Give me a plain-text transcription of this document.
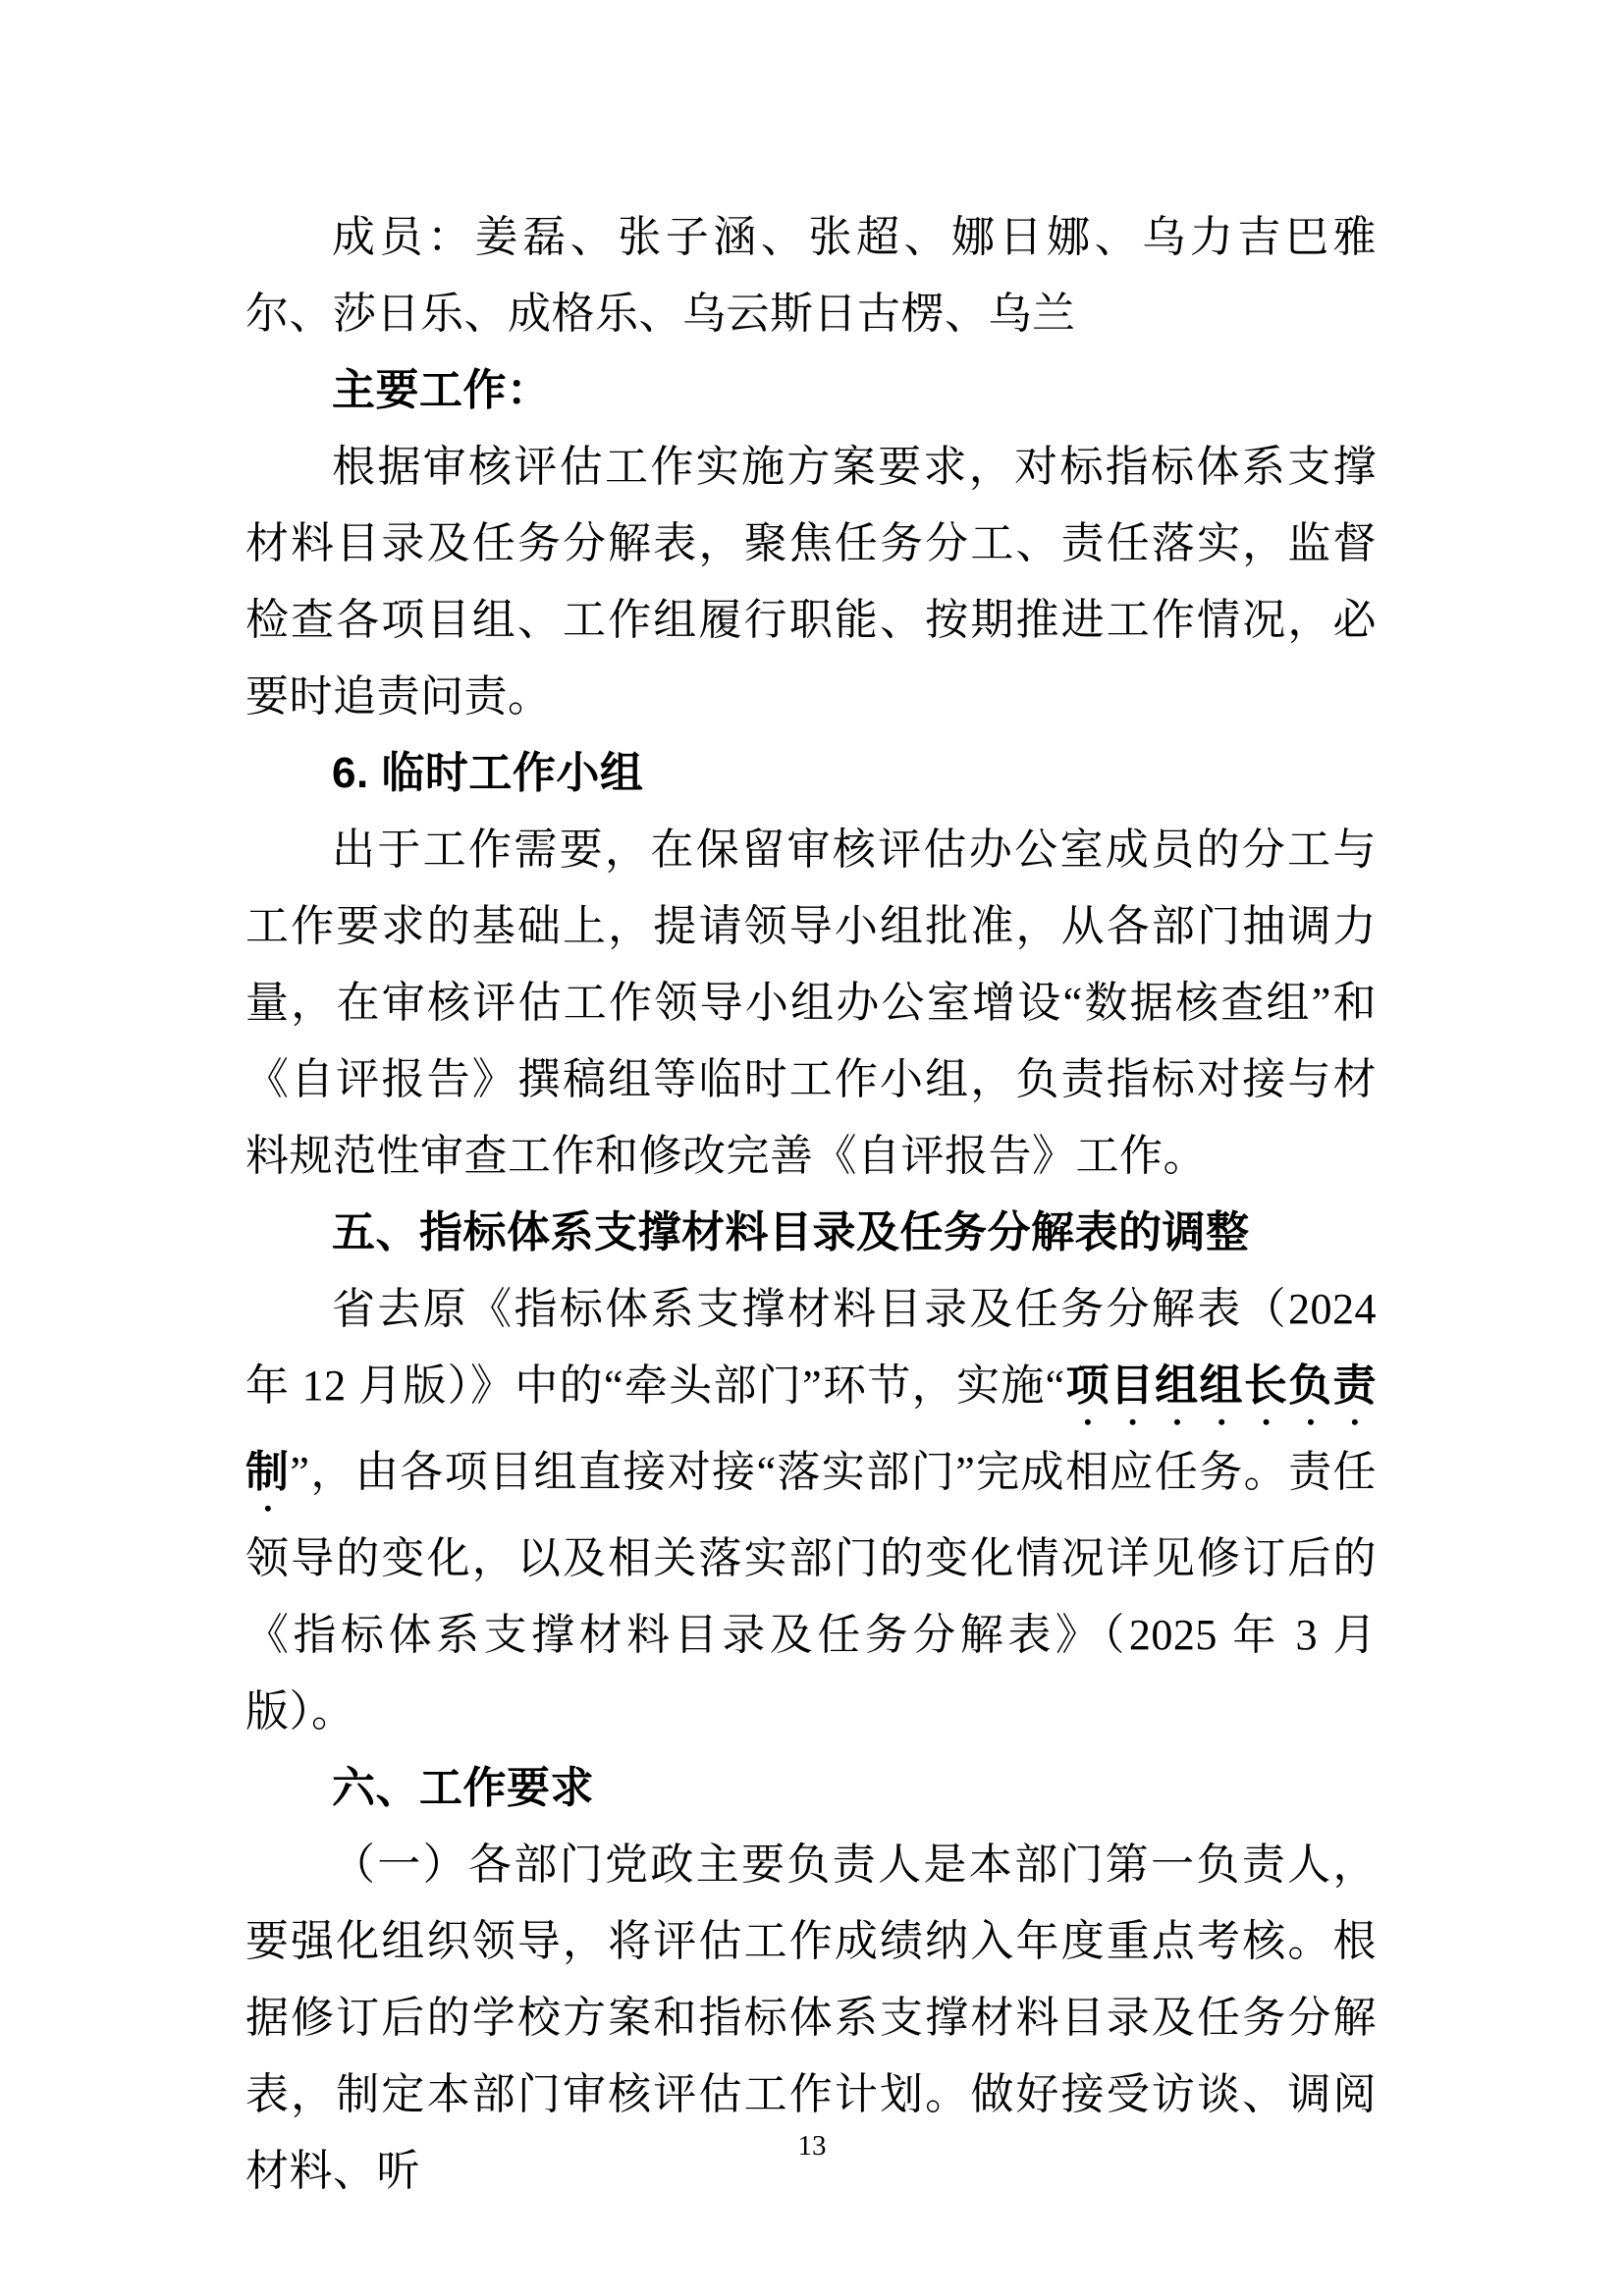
成员：姜磊、张子涵、张超、娜日娜、乌力吉巴雅尔、莎日乐、成格乐、乌云斯日古楞、乌兰

主要工作：

根据审核评估工作实施方案要求，对标指标体系支撑材料目录及任务分解表，聚焦任务分工、责任落实，监督检查各项目组、工作组履行职能、按期推进工作情况，必要时追责问责。

6. 临时工作小组

出于工作需要，在保留审核评估办公室成员的分工与工作要求的基础上，提请领导小组批准，从各部门抽调力量，在审核评估工作领导小组办公室增设“数据核查组”和《自评报告》撰稿组等临时工作小组，负责指标对接与材料规范性审查工作和修改完善《自评报告》工作。

五、指标体系支撑材料目录及任务分解表的调整

省去原《指标体系支撑材料目录及任务分解表（2024 年 12 月版）》中的“牵头部门”环节，实施“项目组组长负责制”，由各项目组直接对接“落实部门”完成相应任务。责任领导的变化，以及相关落实部门的变化情况详见修订后的《指标体系支撑材料目录及任务分解表》（2025 年 3 月版）。

六、工作要求

（一）各部门党政主要负责人是本部门第一负责人，要强化组织领导，将评估工作成绩纳入年度重点考核。根据修订后的学校方案和指标体系支撑材料目录及任务分解表，制定本部门审核评估工作计划。做好接受访谈、调阅材料、听

13
